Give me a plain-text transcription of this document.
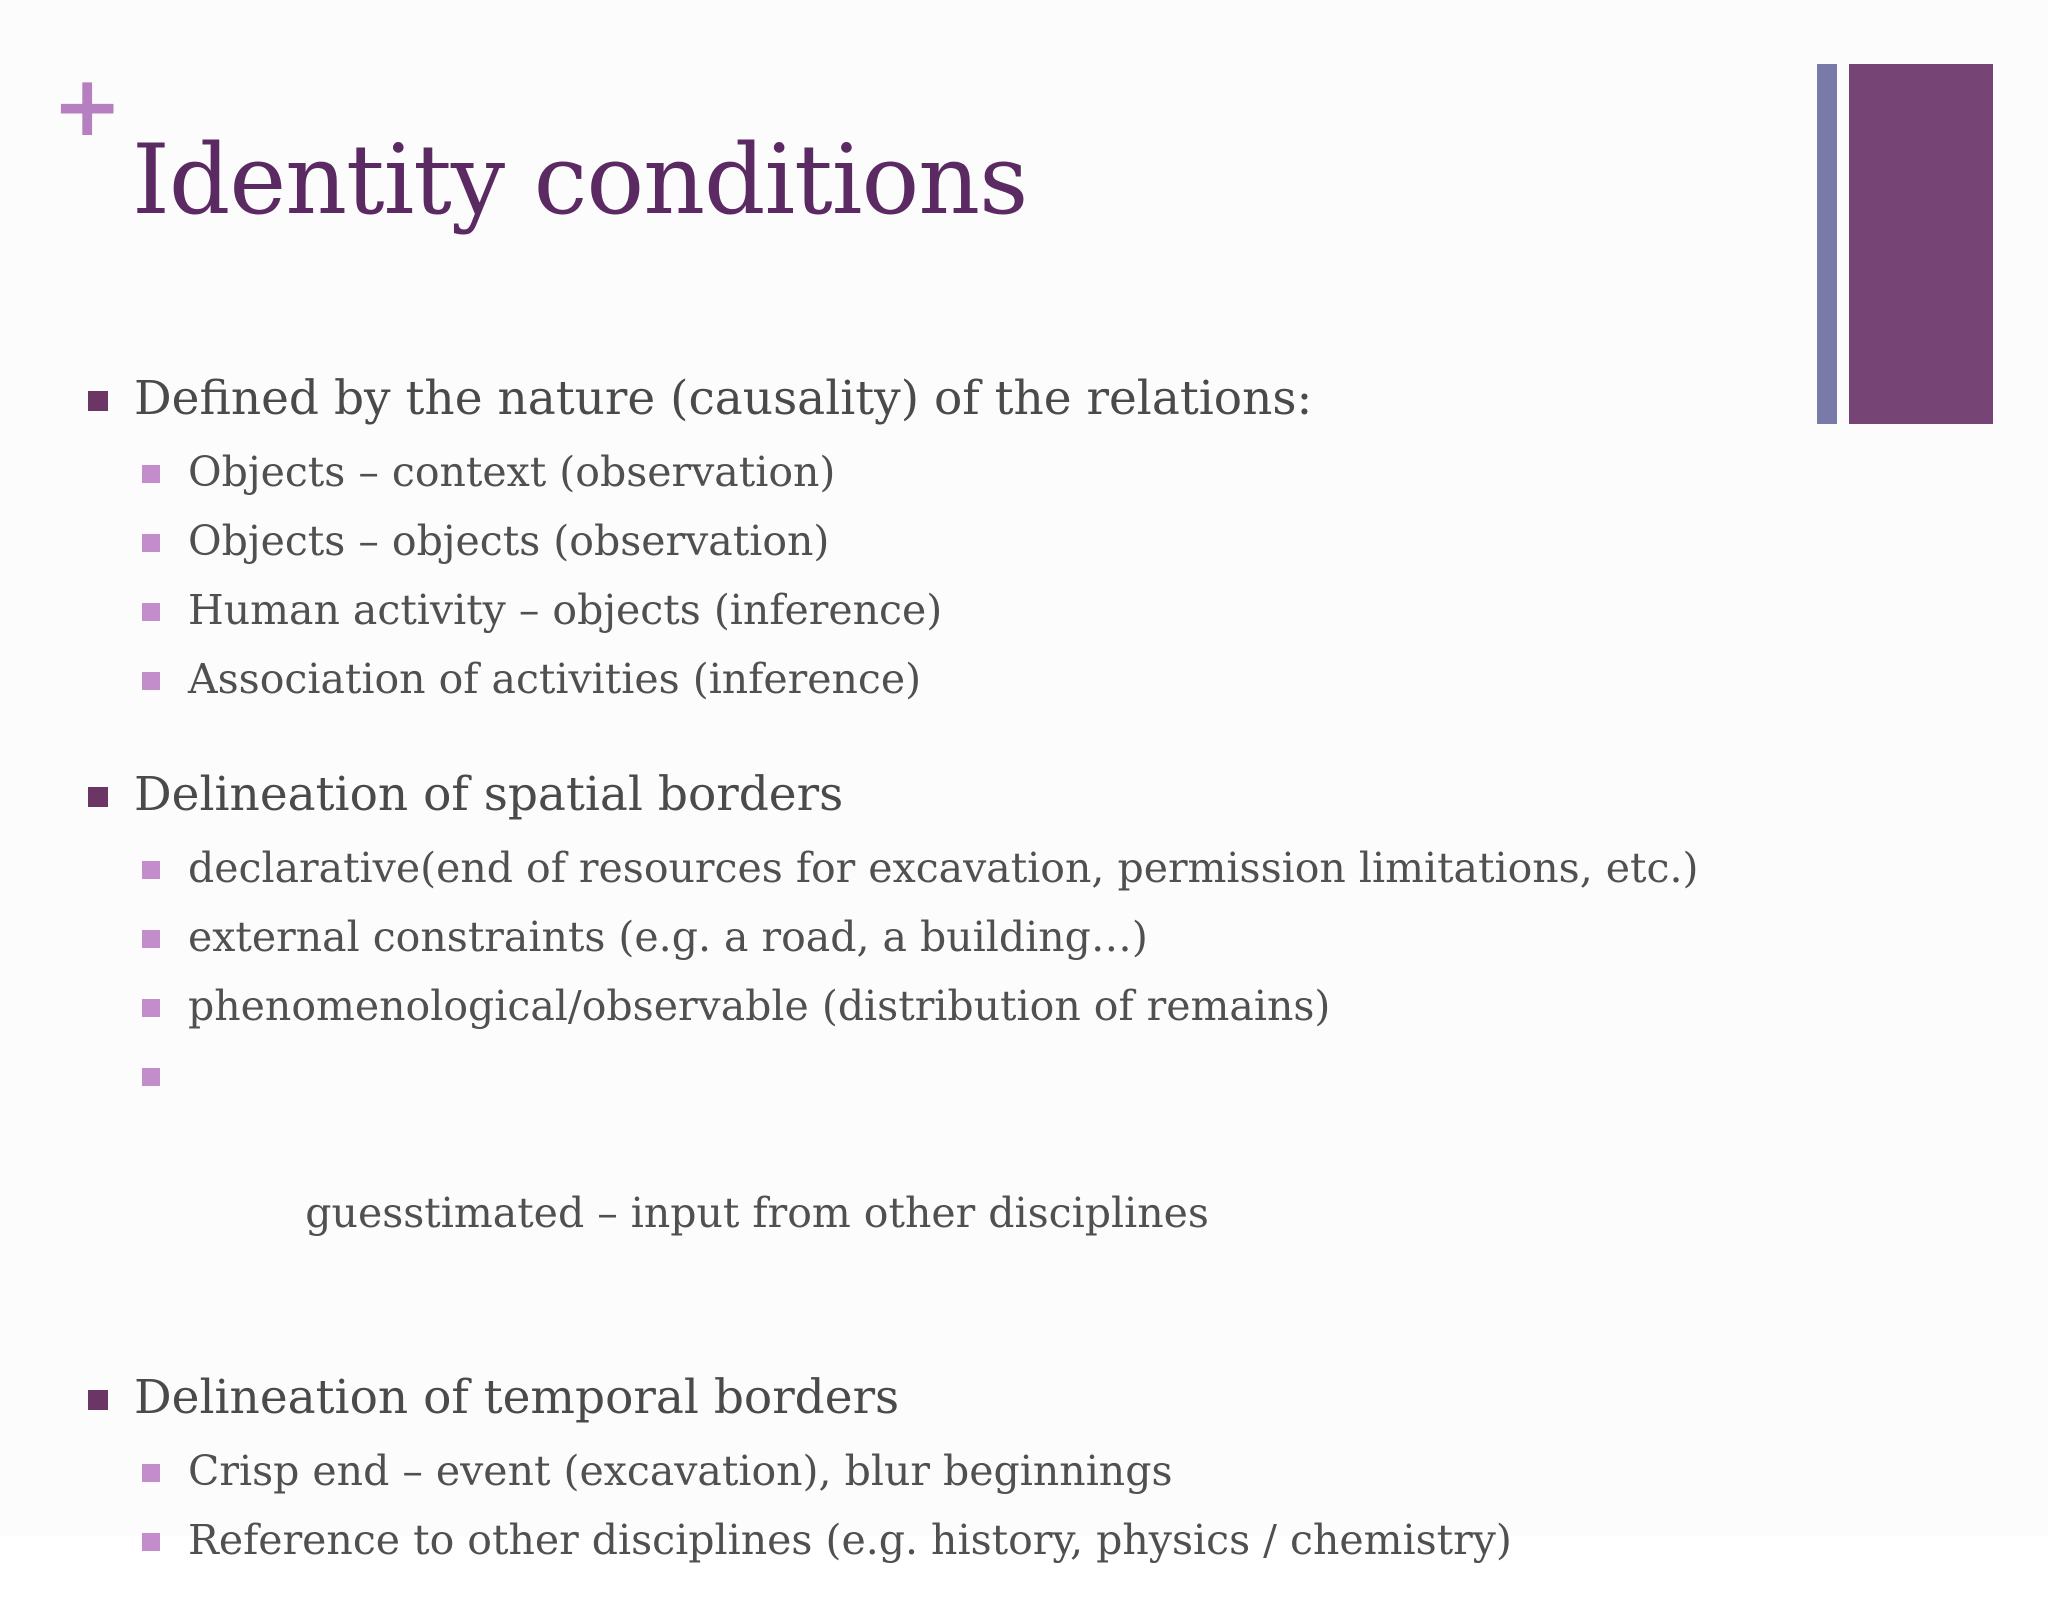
+
Identity conditions
Defined by the nature (causality) of the relations:
Objects – context (observation)
Objects – objects (observation)
Human activity – objects (inference)
Association of activities (inference)
Delineation of spatial borders
declarative(end of resources for excavation, permission limitations, etc.)
external constraints (e.g. a road, a building…)
phenomenological/observable (distribution of remains)

guesstimated – input from other disciplines

Delineation of temporal borders
Crisp end – event (excavation), blur beginnings
Reference to other disciplines (e.g. history, physics / chemistry)
